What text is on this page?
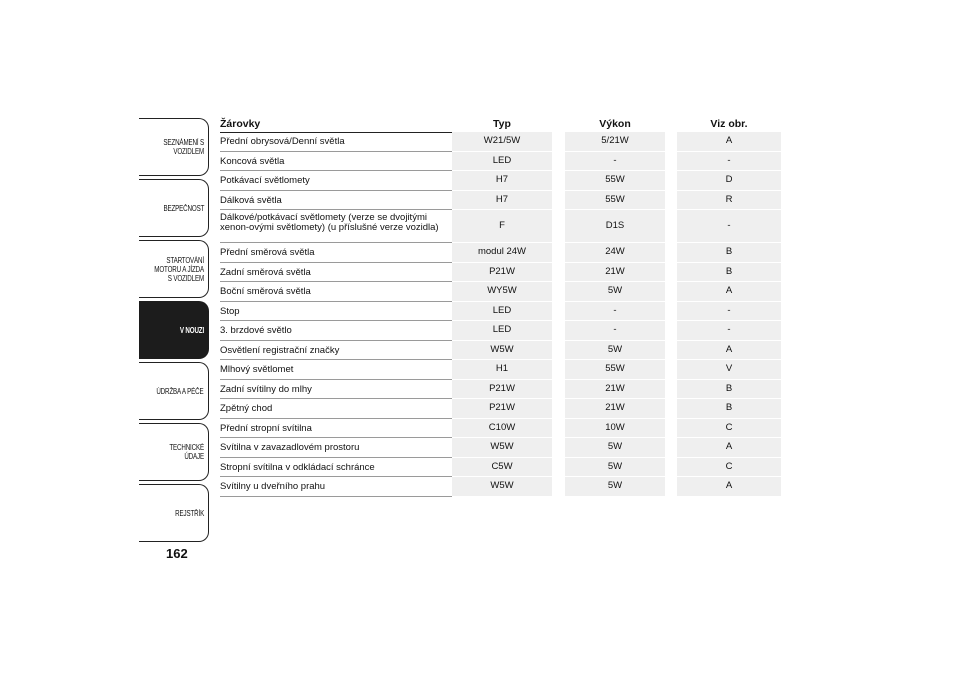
SEZNÁMENÍ S VOZIDLEM
BEZPEČNOST
STARTOVÁNÍ MOTORU A JÍZDA S VOZIDLEM
V NOUZI
ÚDRŽBA A PÉČE
TECHNICKÉ ÚDAJE
REJSTŘÍK
162
Žárovky	Typ	Výkon	Viz obr.
Přední obrysová/Denní světla	W21/5W	5/21W	A
Koncová světla	LED	-	-
Potkávací světlomety	H7	55W	D
Dálková světla	H7	55W	R
Dálkové/potkávací světlomety (verze se dvojitými xenon-ovými světlomety) (u příslušné verze vozidla)	F	D1S	-
Přední směrová světla	modul 24W	24W	B
Zadní směrová světla	P21W	21W	B
Boční směrová světla	WY5W	5W	A
Stop	LED	-	-
3. brzdové světlo	LED	-	-
Osvětlení registrační značky	W5W	5W	A
Mlhový světlomet	H1	55W	V
Zadní svítilny do mlhy	P21W	21W	B
Zpětný chod	P21W	21W	B
Přední stropní svítilna	C10W	10W	C
Svítilna v zavazadlovém prostoru	W5W	5W	A
Stropní svítilna v odkládací schránce	C5W	5W	C
Svítilny u dveřního prahu	W5W	5W	A
